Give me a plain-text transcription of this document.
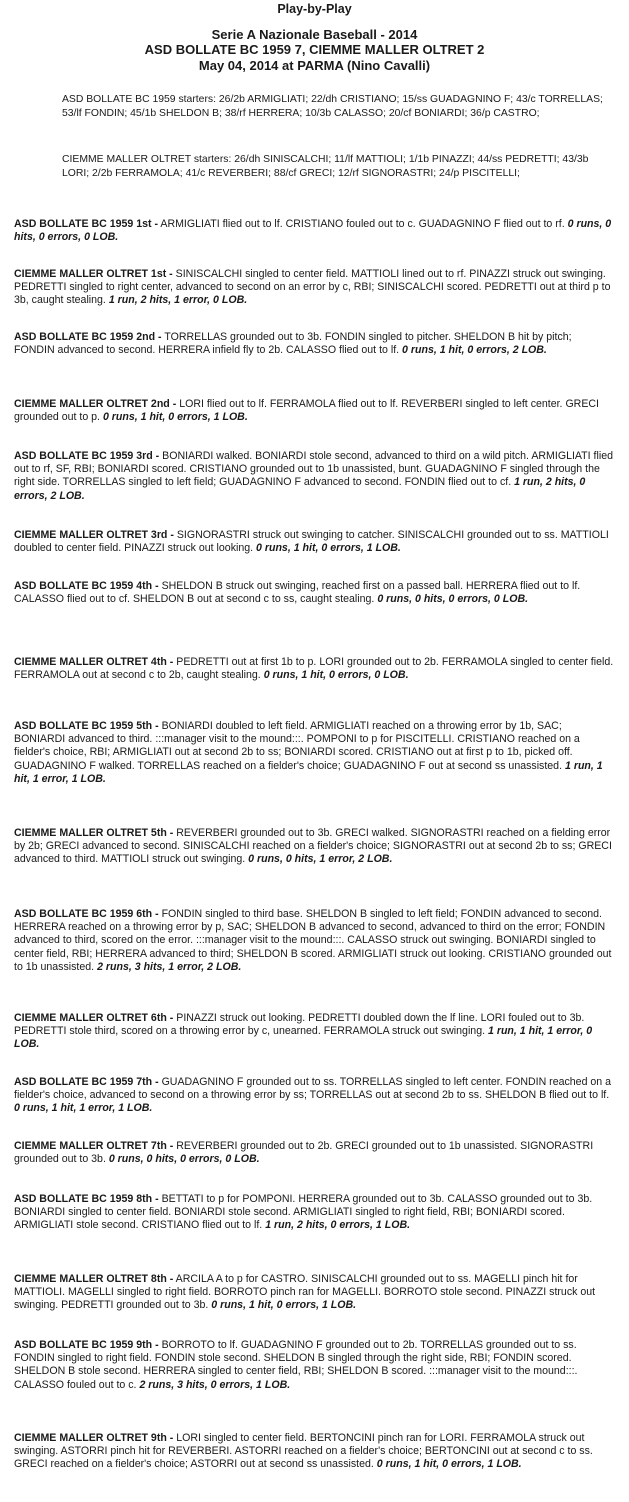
Play-by-Play
Serie A Nazionale Baseball - 2014
ASD BOLLATE BC 1959 7, CIEMME MALLER OLTRET 2
May 04, 2014 at PARMA (Nino Cavalli)
ASD BOLLATE BC 1959 starters: 26/2b ARMIGLIATI; 22/dh CRISTIANO; 15/ss GUADAGNINO F; 43/c TORRELLAS; 53/lf FONDIN; 45/1b SHELDON B; 38/rf HERRERA; 10/3b CALASSO; 20/cf BONIARDI; 36/p CASTRO;
CIEMME MALLER OLTRET starters: 26/dh SINISCALCHI; 11/lf MATTIOLI; 1/1b PINAZZI; 44/ss PEDRETTI; 43/3b LORI; 2/2b FERRAMOLA; 41/c REVERBERI; 88/cf GRECI; 12/rf SIGNORASTRI; 24/p PISCITELLI;
ASD BOLLATE BC 1959 1st - ARMIGLIATI flied out to lf. CRISTIANO fouled out to c. GUADAGNINO F flied out to rf. 0 runs, 0 hits, 0 errors, 0 LOB.
CIEMME MALLER OLTRET 1st - SINISCALCHI singled to center field. MATTIOLI lined out to rf. PINAZZI struck out swinging. PEDRETTI singled to right center, advanced to second on an error by c, RBI; SINISCALCHI scored. PEDRETTI out at third p to 3b, caught stealing. 1 run, 2 hits, 1 error, 0 LOB.
ASD BOLLATE BC 1959 2nd - TORRELLAS grounded out to 3b. FONDIN singled to pitcher. SHELDON B hit by pitch; FONDIN advanced to second. HERRERA infield fly to 2b. CALASSO flied out to lf. 0 runs, 1 hit, 0 errors, 2 LOB.
CIEMME MALLER OLTRET 2nd - LORI flied out to lf. FERRAMOLA flied out to lf. REVERBERI singled to left center. GRECI grounded out to p. 0 runs, 1 hit, 0 errors, 1 LOB.
ASD BOLLATE BC 1959 3rd - BONIARDI walked. BONIARDI stole second, advanced to third on a wild pitch. ARMIGLIATI flied out to rf, SF, RBI; BONIARDI scored. CRISTIANO grounded out to 1b unassisted, bunt. GUADAGNINO F singled through the right side. TORRELLAS singled to left field; GUADAGNINO F advanced to second. FONDIN flied out to cf. 1 run, 2 hits, 0 errors, 2 LOB.
CIEMME MALLER OLTRET 3rd - SIGNORASTRI struck out swinging to catcher. SINISCALCHI grounded out to ss. MATTIOLI doubled to center field. PINAZZI struck out looking. 0 runs, 1 hit, 0 errors, 1 LOB.
ASD BOLLATE BC 1959 4th - SHELDON B struck out swinging, reached first on a passed ball. HERRERA flied out to lf. CALASSO flied out to cf. SHELDON B out at second c to ss, caught stealing. 0 runs, 0 hits, 0 errors, 0 LOB.
CIEMME MALLER OLTRET 4th - PEDRETTI out at first 1b to p. LORI grounded out to 2b. FERRAMOLA singled to center field. FERRAMOLA out at second c to 2b, caught stealing. 0 runs, 1 hit, 0 errors, 0 LOB.
ASD BOLLATE BC 1959 5th - BONIARDI doubled to left field. ARMIGLIATI reached on a throwing error by 1b, SAC; BONIARDI advanced to third. :::manager visit to the mound:::. POMPONI to p for PISCITELLI. CRISTIANO reached on a fielder's choice, RBI; ARMIGLIATI out at second 2b to ss; BONIARDI scored. CRISTIANO out at first p to 1b, picked off. GUADAGNINO F walked. TORRELLAS reached on a fielder's choice; GUADAGNINO F out at second ss unassisted. 1 run, 1 hit, 1 error, 1 LOB.
CIEMME MALLER OLTRET 5th - REVERBERI grounded out to 3b. GRECI walked. SIGNORASTRI reached on a fielding error by 2b; GRECI advanced to second. SINISCALCHI reached on a fielder's choice; SIGNORASTRI out at second 2b to ss; GRECI advanced to third. MATTIOLI struck out swinging. 0 runs, 0 hits, 1 error, 2 LOB.
ASD BOLLATE BC 1959 6th - FONDIN singled to third base. SHELDON B singled to left field; FONDIN advanced to second. HERRERA reached on a throwing error by p, SAC; SHELDON B advanced to second, advanced to third on the error; FONDIN advanced to third, scored on the error. :::manager visit to the mound:::. CALASSO struck out swinging. BONIARDI singled to center field, RBI; HERRERA advanced to third; SHELDON B scored. ARMIGLIATI struck out looking. CRISTIANO grounded out to 1b unassisted. 2 runs, 3 hits, 1 error, 2 LOB.
CIEMME MALLER OLTRET 6th - PINAZZI struck out looking. PEDRETTI doubled down the lf line. LORI fouled out to 3b. PEDRETTI stole third, scored on a throwing error by c, unearned. FERRAMOLA struck out swinging. 1 run, 1 hit, 1 error, 0 LOB.
ASD BOLLATE BC 1959 7th - GUADAGNINO F grounded out to ss. TORRELLAS singled to left center. FONDIN reached on a fielder's choice, advanced to second on a throwing error by ss; TORRELLAS out at second 2b to ss. SHELDON B flied out to lf. 0 runs, 1 hit, 1 error, 1 LOB.
CIEMME MALLER OLTRET 7th - REVERBERI grounded out to 2b. GRECI grounded out to 1b unassisted. SIGNORASTRI grounded out to 3b. 0 runs, 0 hits, 0 errors, 0 LOB.
ASD BOLLATE BC 1959 8th - BETTATI to p for POMPONI. HERRERA grounded out to 3b. CALASSO grounded out to 3b. BONIARDI singled to center field. BONIARDI stole second. ARMIGLIATI singled to right field, RBI; BONIARDI scored. ARMIGLIATI stole second. CRISTIANO flied out to lf. 1 run, 2 hits, 0 errors, 1 LOB.
CIEMME MALLER OLTRET 8th - ARCILA A to p for CASTRO. SINISCALCHI grounded out to ss. MAGELLI pinch hit for MATTIOLI. MAGELLI singled to right field. BORROTO pinch ran for MAGELLI. BORROTO stole second. PINAZZI struck out swinging. PEDRETTI grounded out to 3b. 0 runs, 1 hit, 0 errors, 1 LOB.
ASD BOLLATE BC 1959 9th - BORROTO to lf. GUADAGNINO F grounded out to 2b. TORRELLAS grounded out to ss. FONDIN singled to right field. FONDIN stole second. SHELDON B singled through the right side, RBI; FONDIN scored. SHELDON B stole second. HERRERA singled to center field, RBI; SHELDON B scored. :::manager visit to the mound:::. CALASSO fouled out to c. 2 runs, 3 hits, 0 errors, 1 LOB.
CIEMME MALLER OLTRET 9th - LORI singled to center field. BERTONCINI pinch ran for LORI. FERRAMOLA struck out swinging. ASTORRI pinch hit for REVERBERI. ASTORRI reached on a fielder's choice; BERTONCINI out at second c to ss. GRECI reached on a fielder's choice; ASTORRI out at second ss unassisted. 0 runs, 1 hit, 0 errors, 1 LOB.
